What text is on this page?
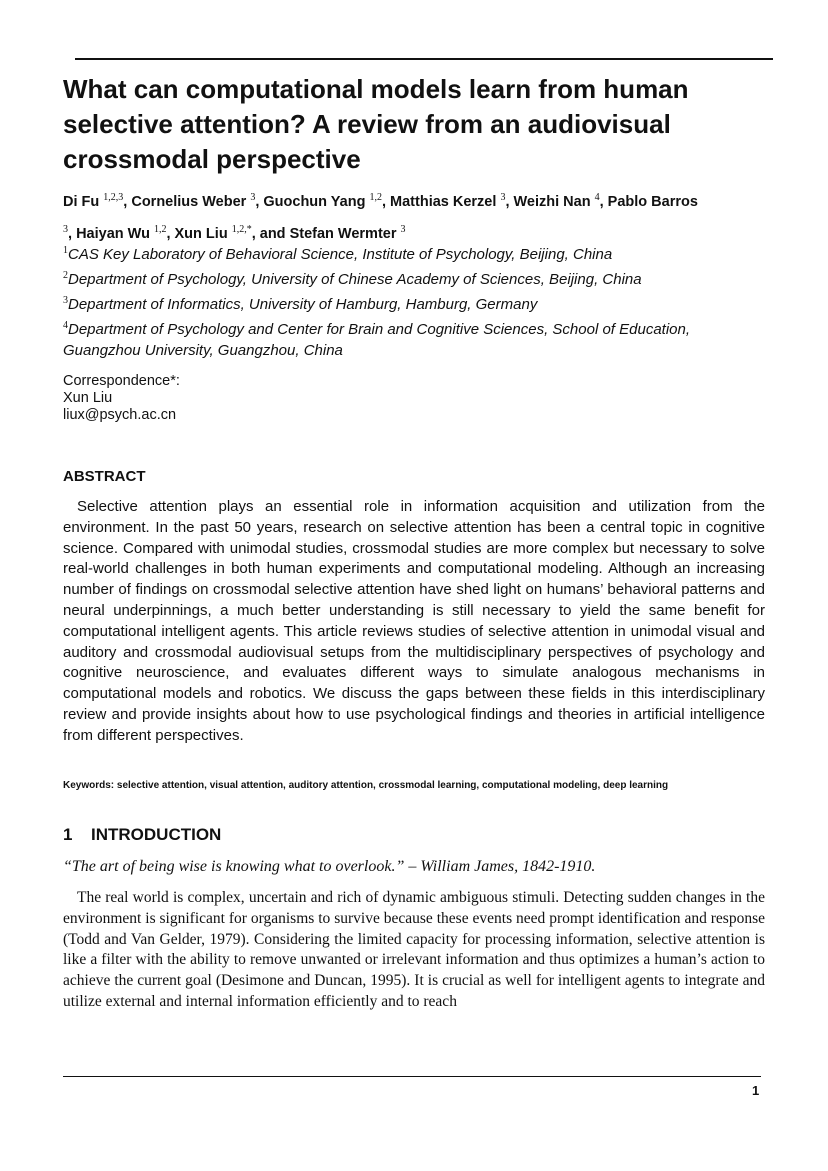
What can computational models learn from human selective attention? A review from an audiovisual crossmodal perspective
Di Fu $^{1,2,3}$, Cornelius Weber $^3$, Guochun Yang $^{1,2}$, Matthias Kerzel $^3$, Weizhi Nan $^4$, Pablo Barros $^3$, Haiyan Wu $^{1,2}$, Xun Liu $^{1,2,*}$, and Stefan Wermter $^3$
$^1$CAS Key Laboratory of Behavioral Science, Institute of Psychology, Beijing, China
$^2$Department of Psychology, University of Chinese Academy of Sciences, Beijing, China
$^3$Department of Informatics, University of Hamburg, Hamburg, Germany
$^4$Department of Psychology and Center for Brain and Cognitive Sciences, School of Education, Guangzhou University, Guangzhou, China
Correspondence*:
Xun Liu
liux@psych.ac.cn
ABSTRACT
Selective attention plays an essential role in information acquisition and utilization from the environment. In the past 50 years, research on selective attention has been a central topic in cognitive science. Compared with unimodal studies, crossmodal studies are more complex but necessary to solve real-world challenges in both human experiments and computational modeling. Although an increasing number of findings on crossmodal selective attention have shed light on humans’ behavioral patterns and neural underpinnings, a much better understanding is still necessary to yield the same benefit for computational intelligent agents. This article reviews studies of selective attention in unimodal visual and auditory and crossmodal audiovisual setups from the multidisciplinary perspectives of psychology and cognitive neuroscience, and evaluates different ways to simulate analogous mechanisms in computational models and robotics. We discuss the gaps between these fields in this interdisciplinary review and provide insights about how to use psychological findings and theories in artificial intelligence from different perspectives.
Keywords: selective attention, visual attention, auditory attention, crossmodal learning, computational modeling, deep learning
1 INTRODUCTION
“The art of being wise is knowing what to overlook.” – William James, 1842-1910.
The real world is complex, uncertain and rich of dynamic ambiguous stimuli. Detecting sudden changes in the environment is significant for organisms to survive because these events need prompt identification and response (Todd and Van Gelder, 1979). Considering the limited capacity for processing information, selective attention is like a filter with the ability to remove unwanted or irrelevant information and thus optimizes a human’s action to achieve the current goal (Desimone and Duncan, 1995). It is crucial as well for intelligent agents to integrate and utilize external and internal information efficiently and to reach
1
